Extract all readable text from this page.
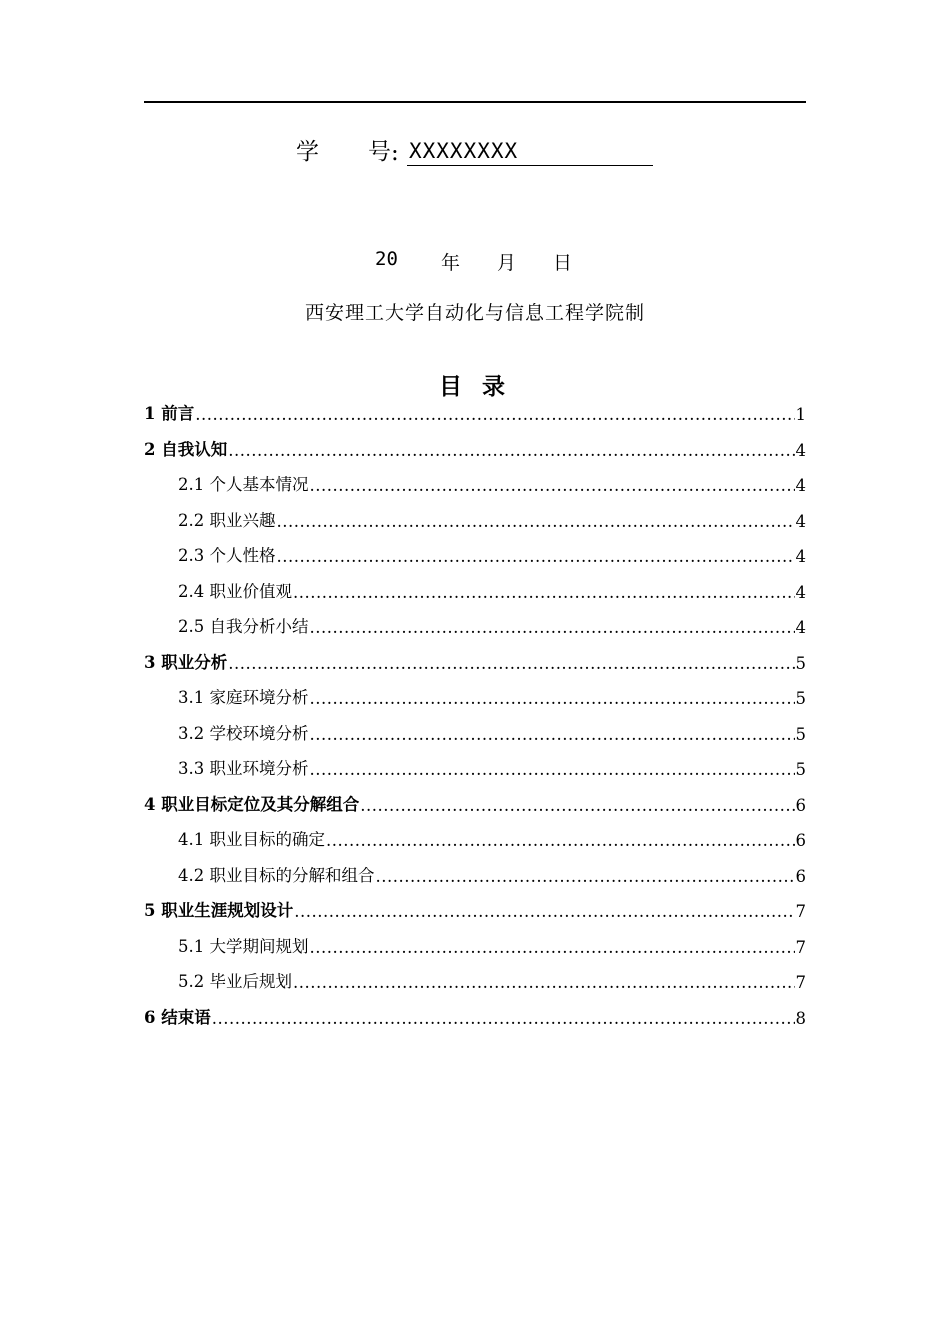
学	号 : XXXXXXXX
20	年	月	日
西安理工大学自动化与信息工程学院制
目 录
1 前言 .....	1
2 自我认知 .....	4
2.1 个人基本情况 .....	4
2.2 职业兴趣 .....	4
2.3 个人性格 .....	4
2.4 职业价值观 .....	4
2.5 自我分析小结 .....	4
3 职业分析 .....	5
3.1 家庭环境分析 .....	5
3.2 学校环境分析 .....	5
3.3 职业环境分析 .....	5
4 职业目标定位及其分解组合 .....	6
4.1 职业目标的确定 .....	6
4.2 职业目标的分解和组合 .....	6
5 职业生涯规划设计 .....	7
5.1 大学期间规划 .....	7
5.2 毕业后规划 .....	7
6 结束语 .....	8
